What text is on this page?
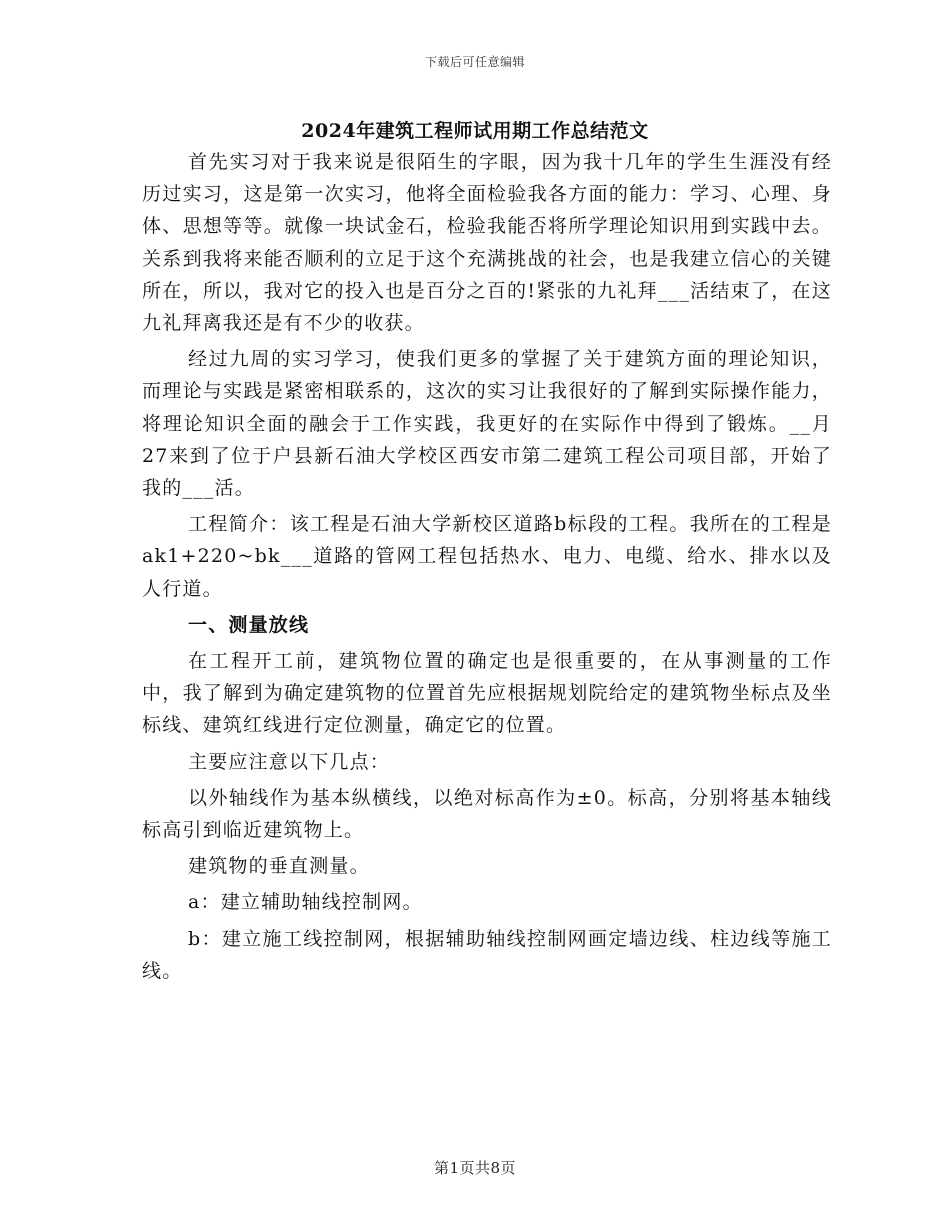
下载后可任意编辑
2024年建筑工程师试用期工作总结范文

首先实习对于我来说是很陌生的字眼，因为我十几年的学生生涯没有经历过实习，这是第一次实习，他将全面检验我各方面的能力：学习、心理、身体、思想等等。就像一块试金石，检验我能否将所学理论知识用到实践中去。关系到我将来能否顺利的立足于这个充满挑战的社会，也是我建立信心的关键所在，所以，我对它的投入也是百分之百的!紧张的九礼拜___活结束了，在这九礼拜离我还是有不少的收获。

经过九周的实习学习，使我们更多的掌握了关于建筑方面的理论知识，而理论与实践是紧密相联系的，这次的实习让我很好的了解到实际操作能力，将理论知识全面的融会于工作实践，我更好的在实际作中得到了锻炼。__月27来到了位于户县新石油大学校区西安市第二建筑工程公司项目部，开始了我的___活。

工程简介：该工程是石油大学新校区道路b标段的工程。我所在的工程是ak1+220~bk___道路的管网工程包括热水、电力、电缆、给水、排水以及人行道。

一、测量放线

在工程开工前，建筑物位置的确定也是很重要的，在从事测量的工作中，我了解到为确定建筑物的位置首先应根据规划院给定的建筑物坐标点及坐标线、建筑红线进行定位测量，确定它的位置。

主要应注意以下几点：

以外轴线作为基本纵横线，以绝对标高作为±0。标高，分别将基本轴线标高引到临近建筑物上。

建筑物的垂直测量。

a：建立辅助轴线控制网。

b：建立施工线控制网，根据辅助轴线控制网画定墙边线、柱边线等施工线。

第1页共8页
